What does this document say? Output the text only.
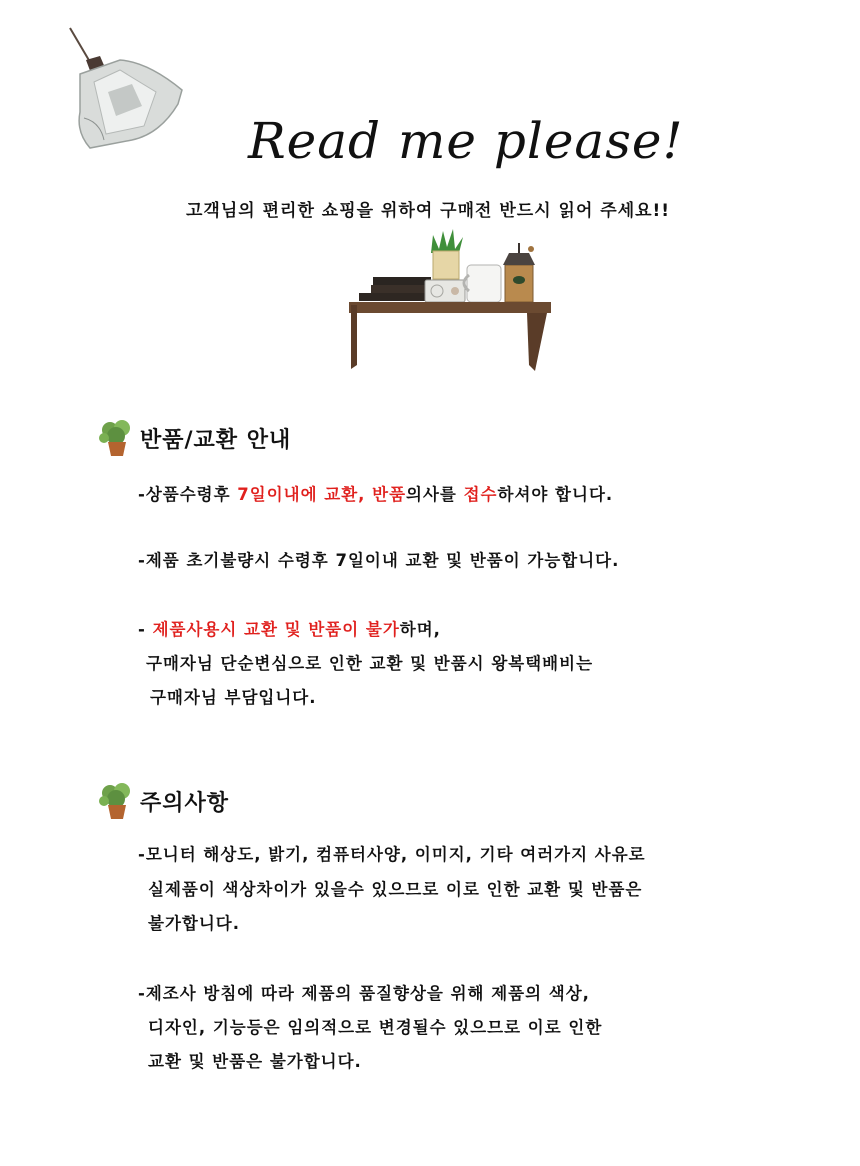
Read me please!
고객님의 편리한 쇼핑을 위하여 구매전 반드시 읽어 주세요!!
반품/교환 안내
-상품수령후 7일이내에 교환, 반품의사를 접수하셔야 합니다.
-제품 초기불량시 수령후 7일이내 교환 및 반품이 가능합니다.
- 제품사용시 교환 및 반품이 불가하며,
구매자님 단순변심으로 인한 교환 및 반품시 왕복택배비는
구매자님 부담입니다.
주의사항
-모니터 해상도, 밝기, 컴퓨터사양, 이미지, 기타 여러가지 사유로
실제품이 색상차이가 있을수 있으므로 이로 인한 교환 및 반품은
불가합니다.
-제조사 방침에 따라 제품의 품질향상을 위해 제품의 색상,
디자인, 기능등은 임의적으로 변경될수 있으므로 이로 인한
교환 및 반품은 불가합니다.
